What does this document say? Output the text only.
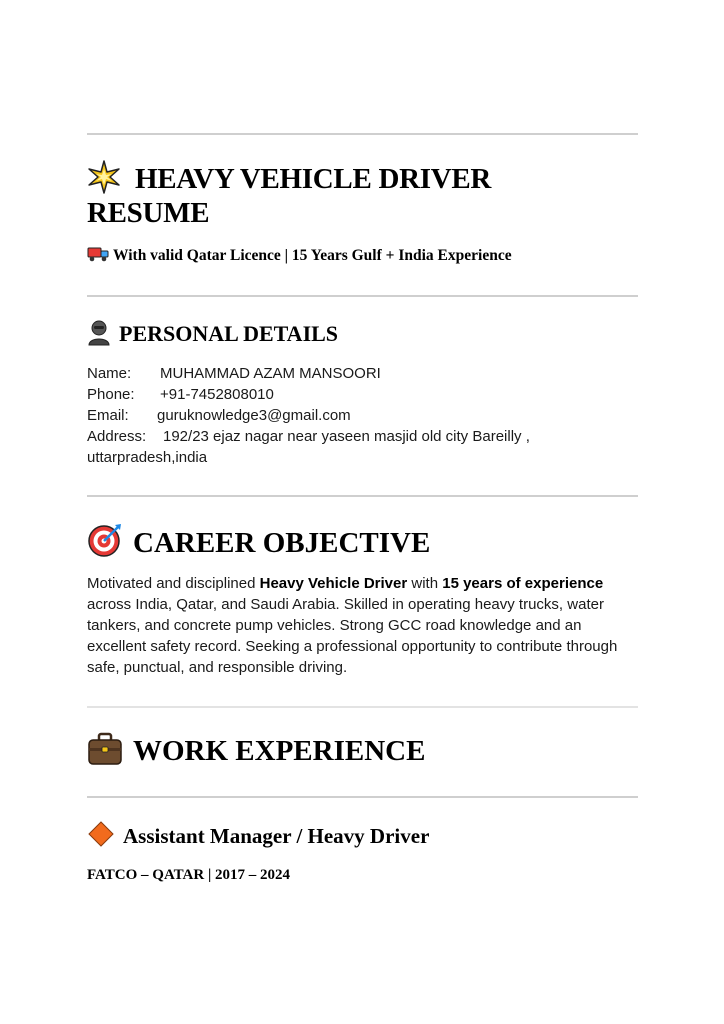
HEAVY VEHICLE DRIVER
RESUME
With valid Qatar Licence | 15 Years Gulf + India Experience
PERSONAL DETAILS
Name: MUHAMMAD AZAM MANSOORI
Phone: +91-7452808010
Email: guruknowledge3@gmail.com
Address: 192/23 ejaz nagar near yaseen masjid old city Bareilly ,
uttarpradesh,india
CAREER OBJECTIVE
Motivated and disciplined Heavy Vehicle Driver with 15 years of experience across India, Qatar, and Saudi Arabia. Skilled in operating heavy trucks, water tankers, and concrete pump vehicles. Strong GCC road knowledge and an excellent safety record. Seeking a professional opportunity to contribute through safe, punctual, and responsible driving.
WORK EXPERIENCE
Assistant Manager / Heavy Driver
FATCO – QATAR | 2017 – 2024
